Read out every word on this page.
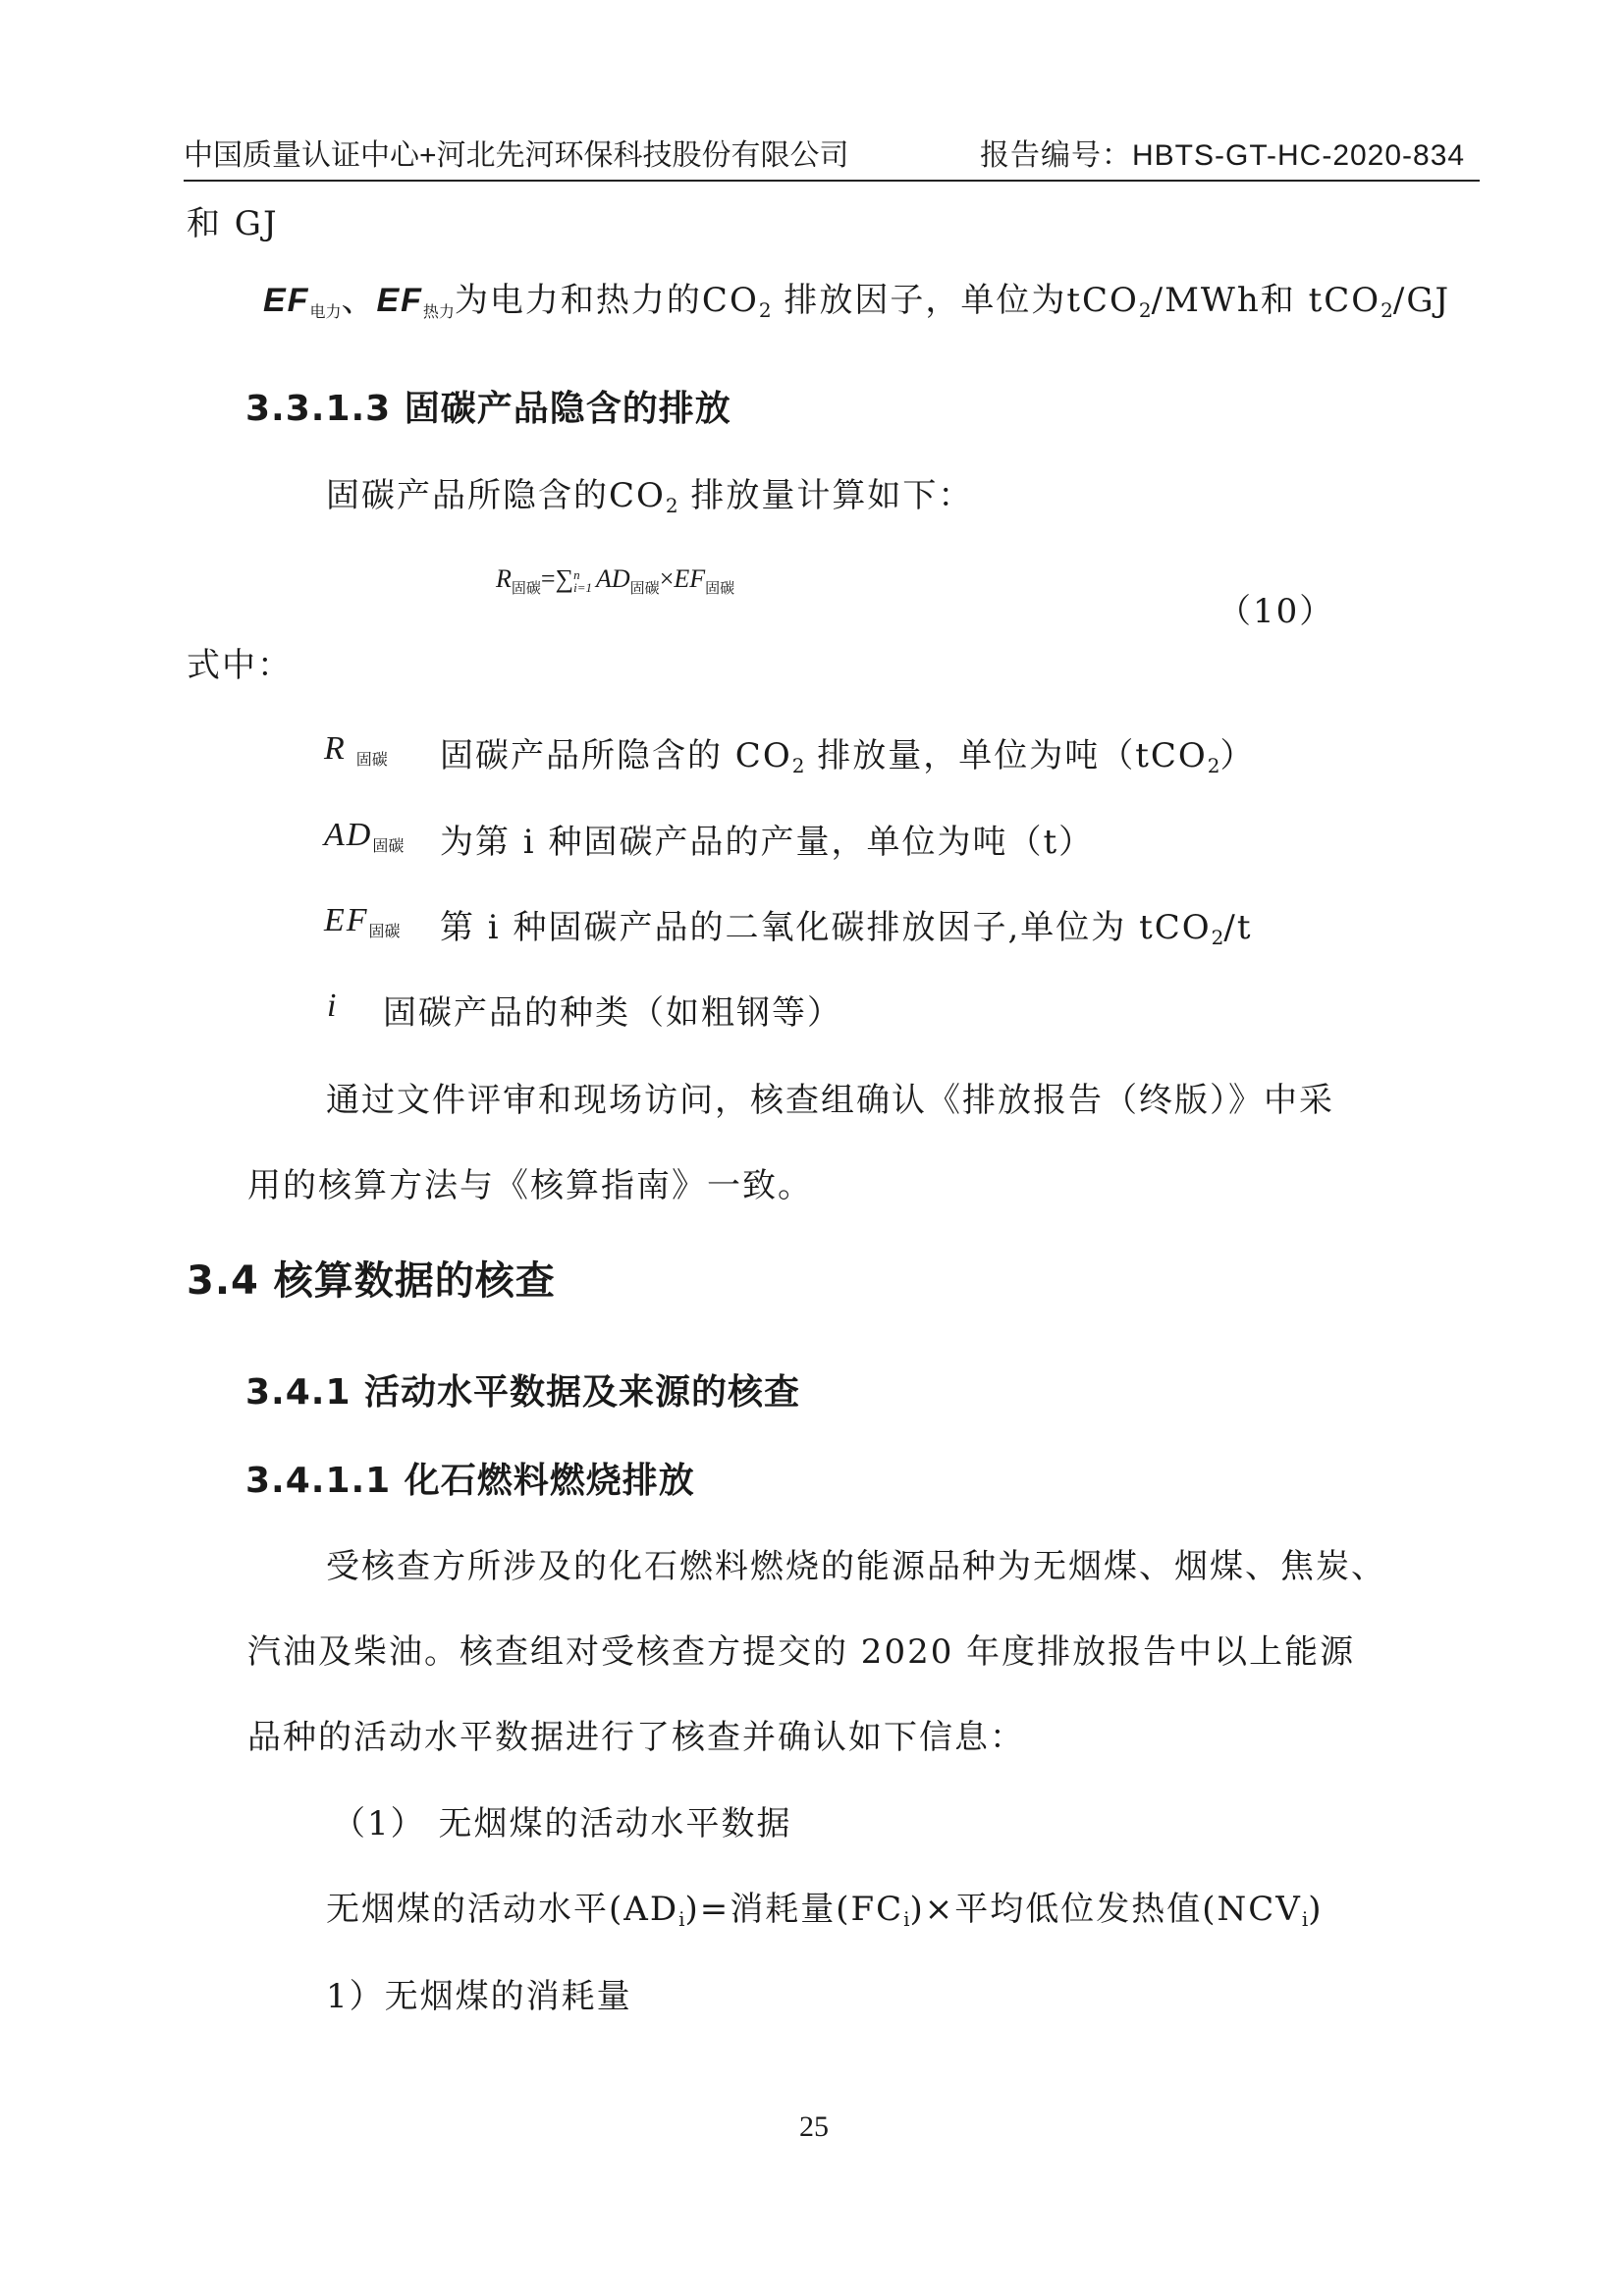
中国质量认证中心+河北先河环保科技股份有限公司	报告编号：HBTS-GT-HC-2020-834
和 GJ
EF电力、EF热力为电力和热力的$CO_2$ 排放因子，单位为tCO$_2$/MWh和 tCO$_2$/GJ
3.3.1.3 固碳产品隐含的排放
固碳产品所隐含的$CO_2$ 排放量计算如下：
$R_{固碳}=\sum$ n
i=1 $AD_{固碳}\times EF_{固碳}$
（10）
式中：
R固碳 固碳产品所隐含的 $CO_2$ 排放量，单位为吨（tCO$_2$）
AD固碳 为第 i 种固碳产品的产量，单位为吨（t）
EF固碳 第 i 种固碳产品的二氧化碳排放因子,单位为 tCO$_2$/t
i 固碳产品的种类（如粗钢等）
通过文件评审和现场访问，核查组确认《排放报告（终版）》中采
用的核算方法与《核算指南》一致。
3.4 核算数据的核查
3.4.1 活动水平数据及来源的核查
3.4.1.1 化石燃料燃烧排放
受核查方所涉及的化石燃料燃烧的能源品种为无烟煤、烟煤、焦炭、
汽油及柴油。核查组对受核查方提交的 2020 年度排放报告中以上能源
品种的活动水平数据进行了核查并确认如下信息：
（1） 无烟煤的活动水平数据
无烟煤的活动水平$(AD_i)=$消耗量$(FC_i)\times$平均低位发热值$(NCV_i)$
1）无烟煤的消耗量
25
